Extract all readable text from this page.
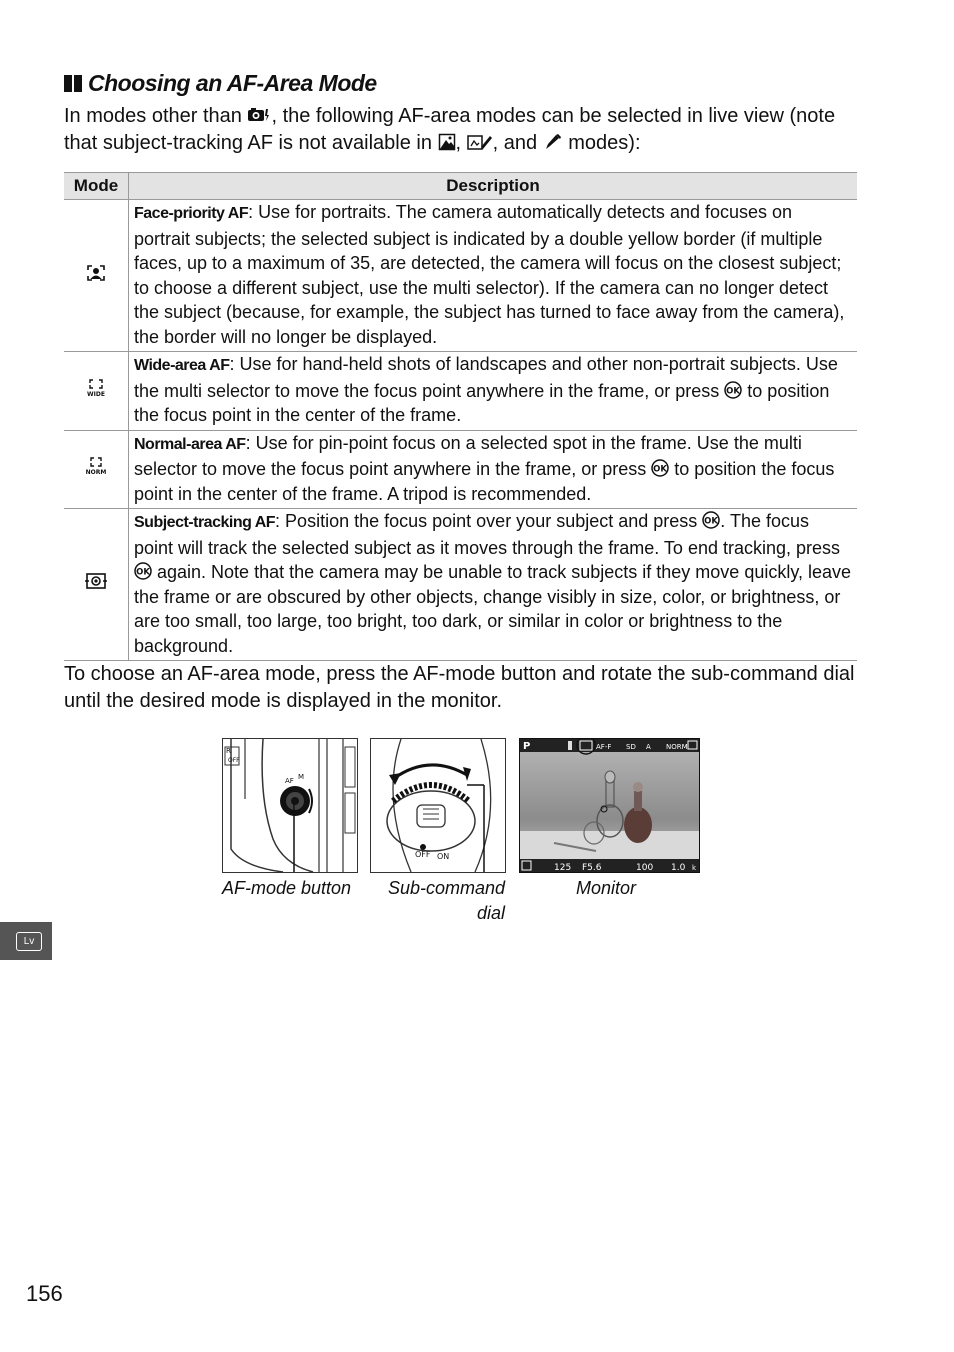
Choosing an AF-Area Mode
In modes other than , the following AF-area modes can be selected in live view (note that subject-tracking AF is not available in , , and  modes):
Mode	Description
	Face-priority AF: Use for portraits. The camera automatically detects and focuses on portrait subjects; the selected subject is indicated by a double yellow border (if multiple faces, up to a maximum of 35, are detected, the camera will focus on the closest subject; to choose a different subject, use the multi selector). If the camera can no longer detect the subject (because, for example, the subject has turned to face away from the camera), the border will no longer be displayed.

WIDE	Wide-area AF: Use for hand-held shots of landscapes and other non-portrait subjects. Use the multi selector to move the focus point anywhere in the frame, or press OK to position the focus point in the center of the frame.

NORM	Normal-area AF: Use for pin-point focus on a selected spot in the frame. Use the multi selector to move the focus point anywhere in the frame, or press OK to position the focus point in the center of the frame. A tripod is recommended.
	Subject-tracking AF: Position the focus point over your subject and press OK . The focus point will track the selected subject as it moves through the frame. To end tracking, press
OK again. Note that the camera may be unable to track subjects if they move quickly, leave the frame or are obscured by other objects, change visibly in size, color, or brightness, or are too small, too large, too bright, too dark, or similar in color or brightness to the background.
To choose an AF-area mode, press the AF-mode button and rotate the sub-command dial until the desired mode is displayed in the monitor.
R
OFF
AF M
AF-mode button
OFF ON
Sub-command
dial
P	AF-F SD A NORM
125 F5.6	100 1.0 k
Monitor
Lv
156
